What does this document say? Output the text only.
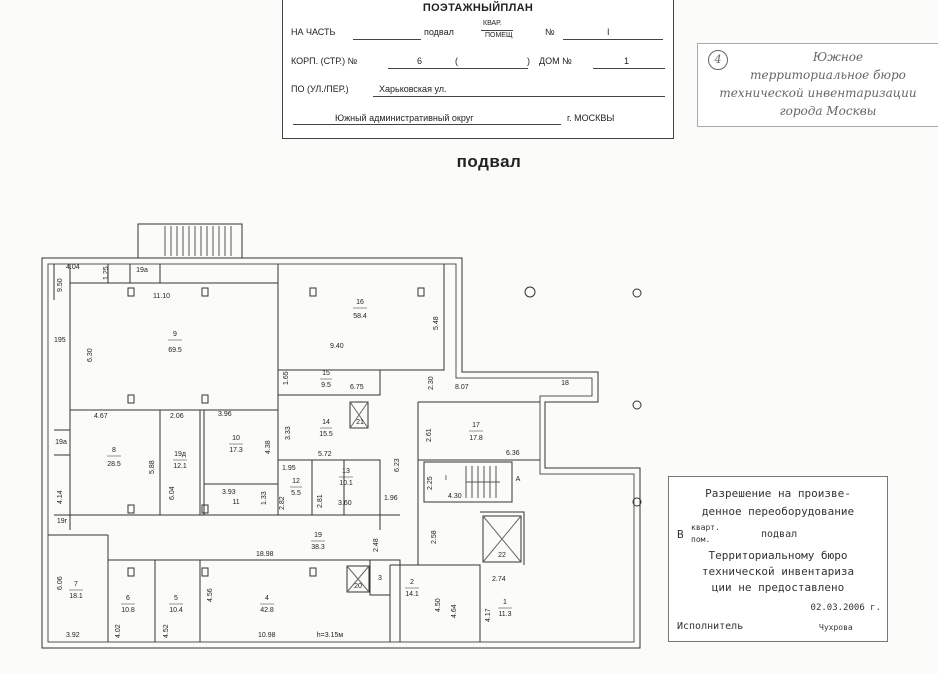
ПОЭТАЖНЫЙПЛАН
НА ЧАСТЬ	подвал
КВАР.
ПОМЕЩ	№	I
КОРП. (СТР.) №	6	(	) ДОМ №	1
ПО (УЛ./ПЕР.)	Харьковская ул.
Южный административный округ	г. МОСКВЫ
4	Южное
территориальное бюро
технической инвентаризации
города Москвы
подвал
9
69.5
16
58.4
15
9.5
14
15.5
17
17.8
8
28.5
10
17.3
19
38.3
4
42.8
13
10.1
12
5.5
7
18.1	6
10.8
5
10.4
2
14.1
1
11.3
19д
12.1
11
18
22
20
3
21
19а
19а
19г
A
I
h=3.15м
4.04
9.50
1.25
11.10
195
6.30
9.40
5.48
1.65
6.75	2.30	8.07
4.67	2.06	3.96
3.33
5.72
2.61
6.36
5.88
6.04
4.38
1.95	6.23
2.25
4.30
3.93	1.33 2.82	2.81 3.60
1.96
4.14
18.98
2.48
2.58
6.06
4.56
2.74
4.50 4.64	4.17
3.92	4.02	4.52	10.98
Разрешение на произве-
денное переоборудование
В
кварт.
пом.	подвал
Территориальному бюро
технической инвентариза
ции не предоставлено
02.03.2006 г.
Исполнитель	Чухрова
